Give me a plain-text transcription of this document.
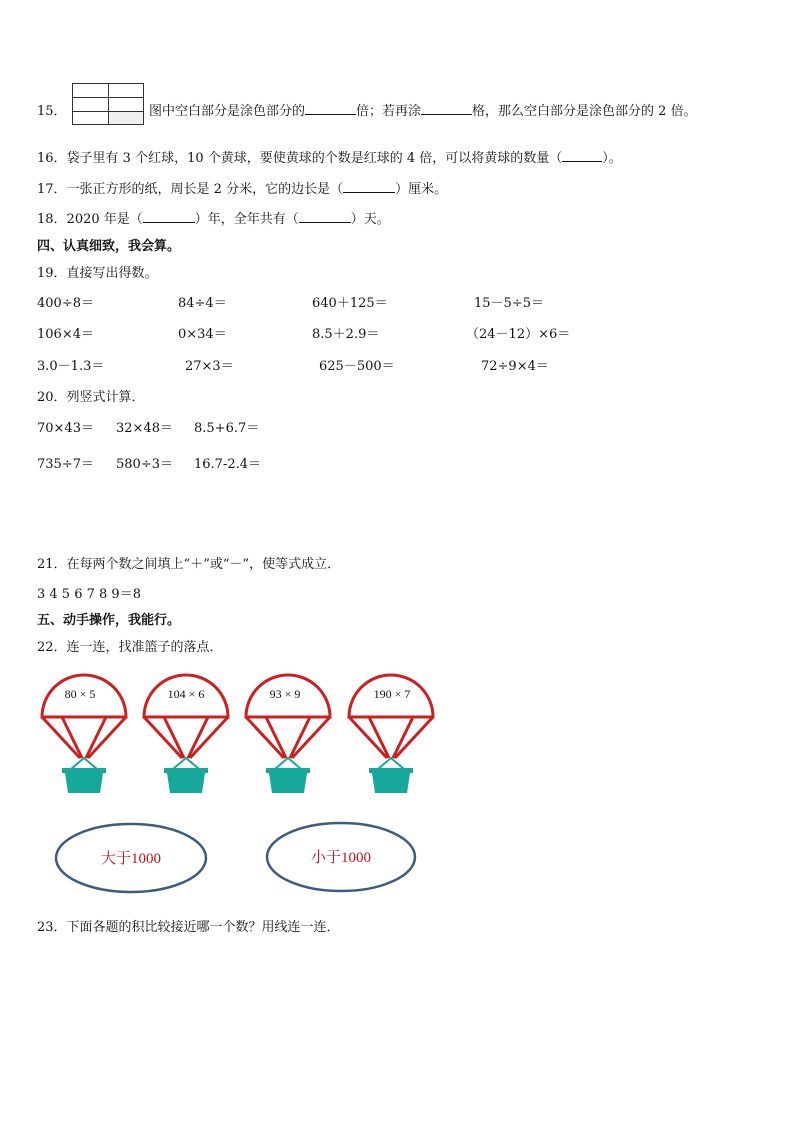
15．	图中空白部分是涂色部分的	倍；若再涂	格，那么空白部分是涂色部分的 2 倍。
16．袋子里有 3 个红球，10 个黄球，要使黄球的个数是红球的 4 倍，可以将黄球的数量（	）。
17．一张正方形的纸，周长是 2 分米，它的边长是（	）厘米。
18．2020 年是（	）年，全年共有（	）天。
四、认真细致，我会算。
19．直接写出得数。
400÷8＝	84÷4＝	640＋125＝	15－5÷5＝
106×4＝	0×34＝	8.5＋2.9＝	（24－12）×6＝
3.0－1.3＝	27×3＝	625－500＝	72÷9×4＝
20．列竖式计算．
70×43＝ 32×48＝ 8.5+6.7＝
735÷7＝ 580÷3＝ 16.7-2.4＝
21．在每两个数之间填上“＋”或“－”，使等式成立．
3 4 5 6 7 8 9＝8
五、动手操作，我能行。
22．连一连，找准篮子的落点．
80 × 5	104 × 6	93 × 9	190 × 7
大于1000	小于1000
23．下面各题的积比较接近哪一个数？用线连一连．
